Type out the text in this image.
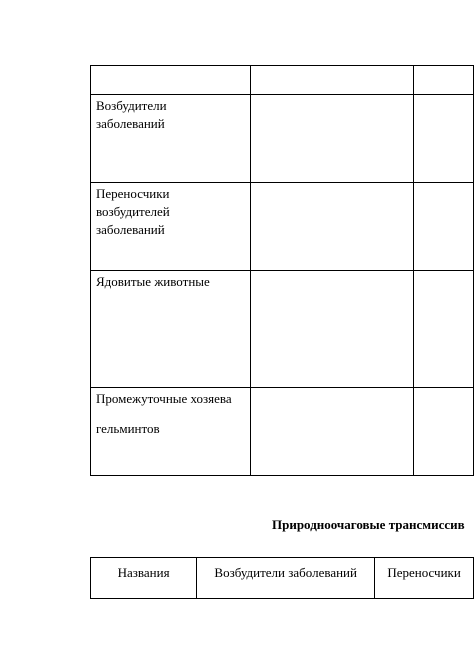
Возбудители
заболеваний		

Переносчики
возбудителей
заболеваний		

Ядовитые животные		

Промежуточные хозяева
гельминтов		

Природноочаговые трансмиссив
Названия	Возбудители заболеваний	Переносчики
